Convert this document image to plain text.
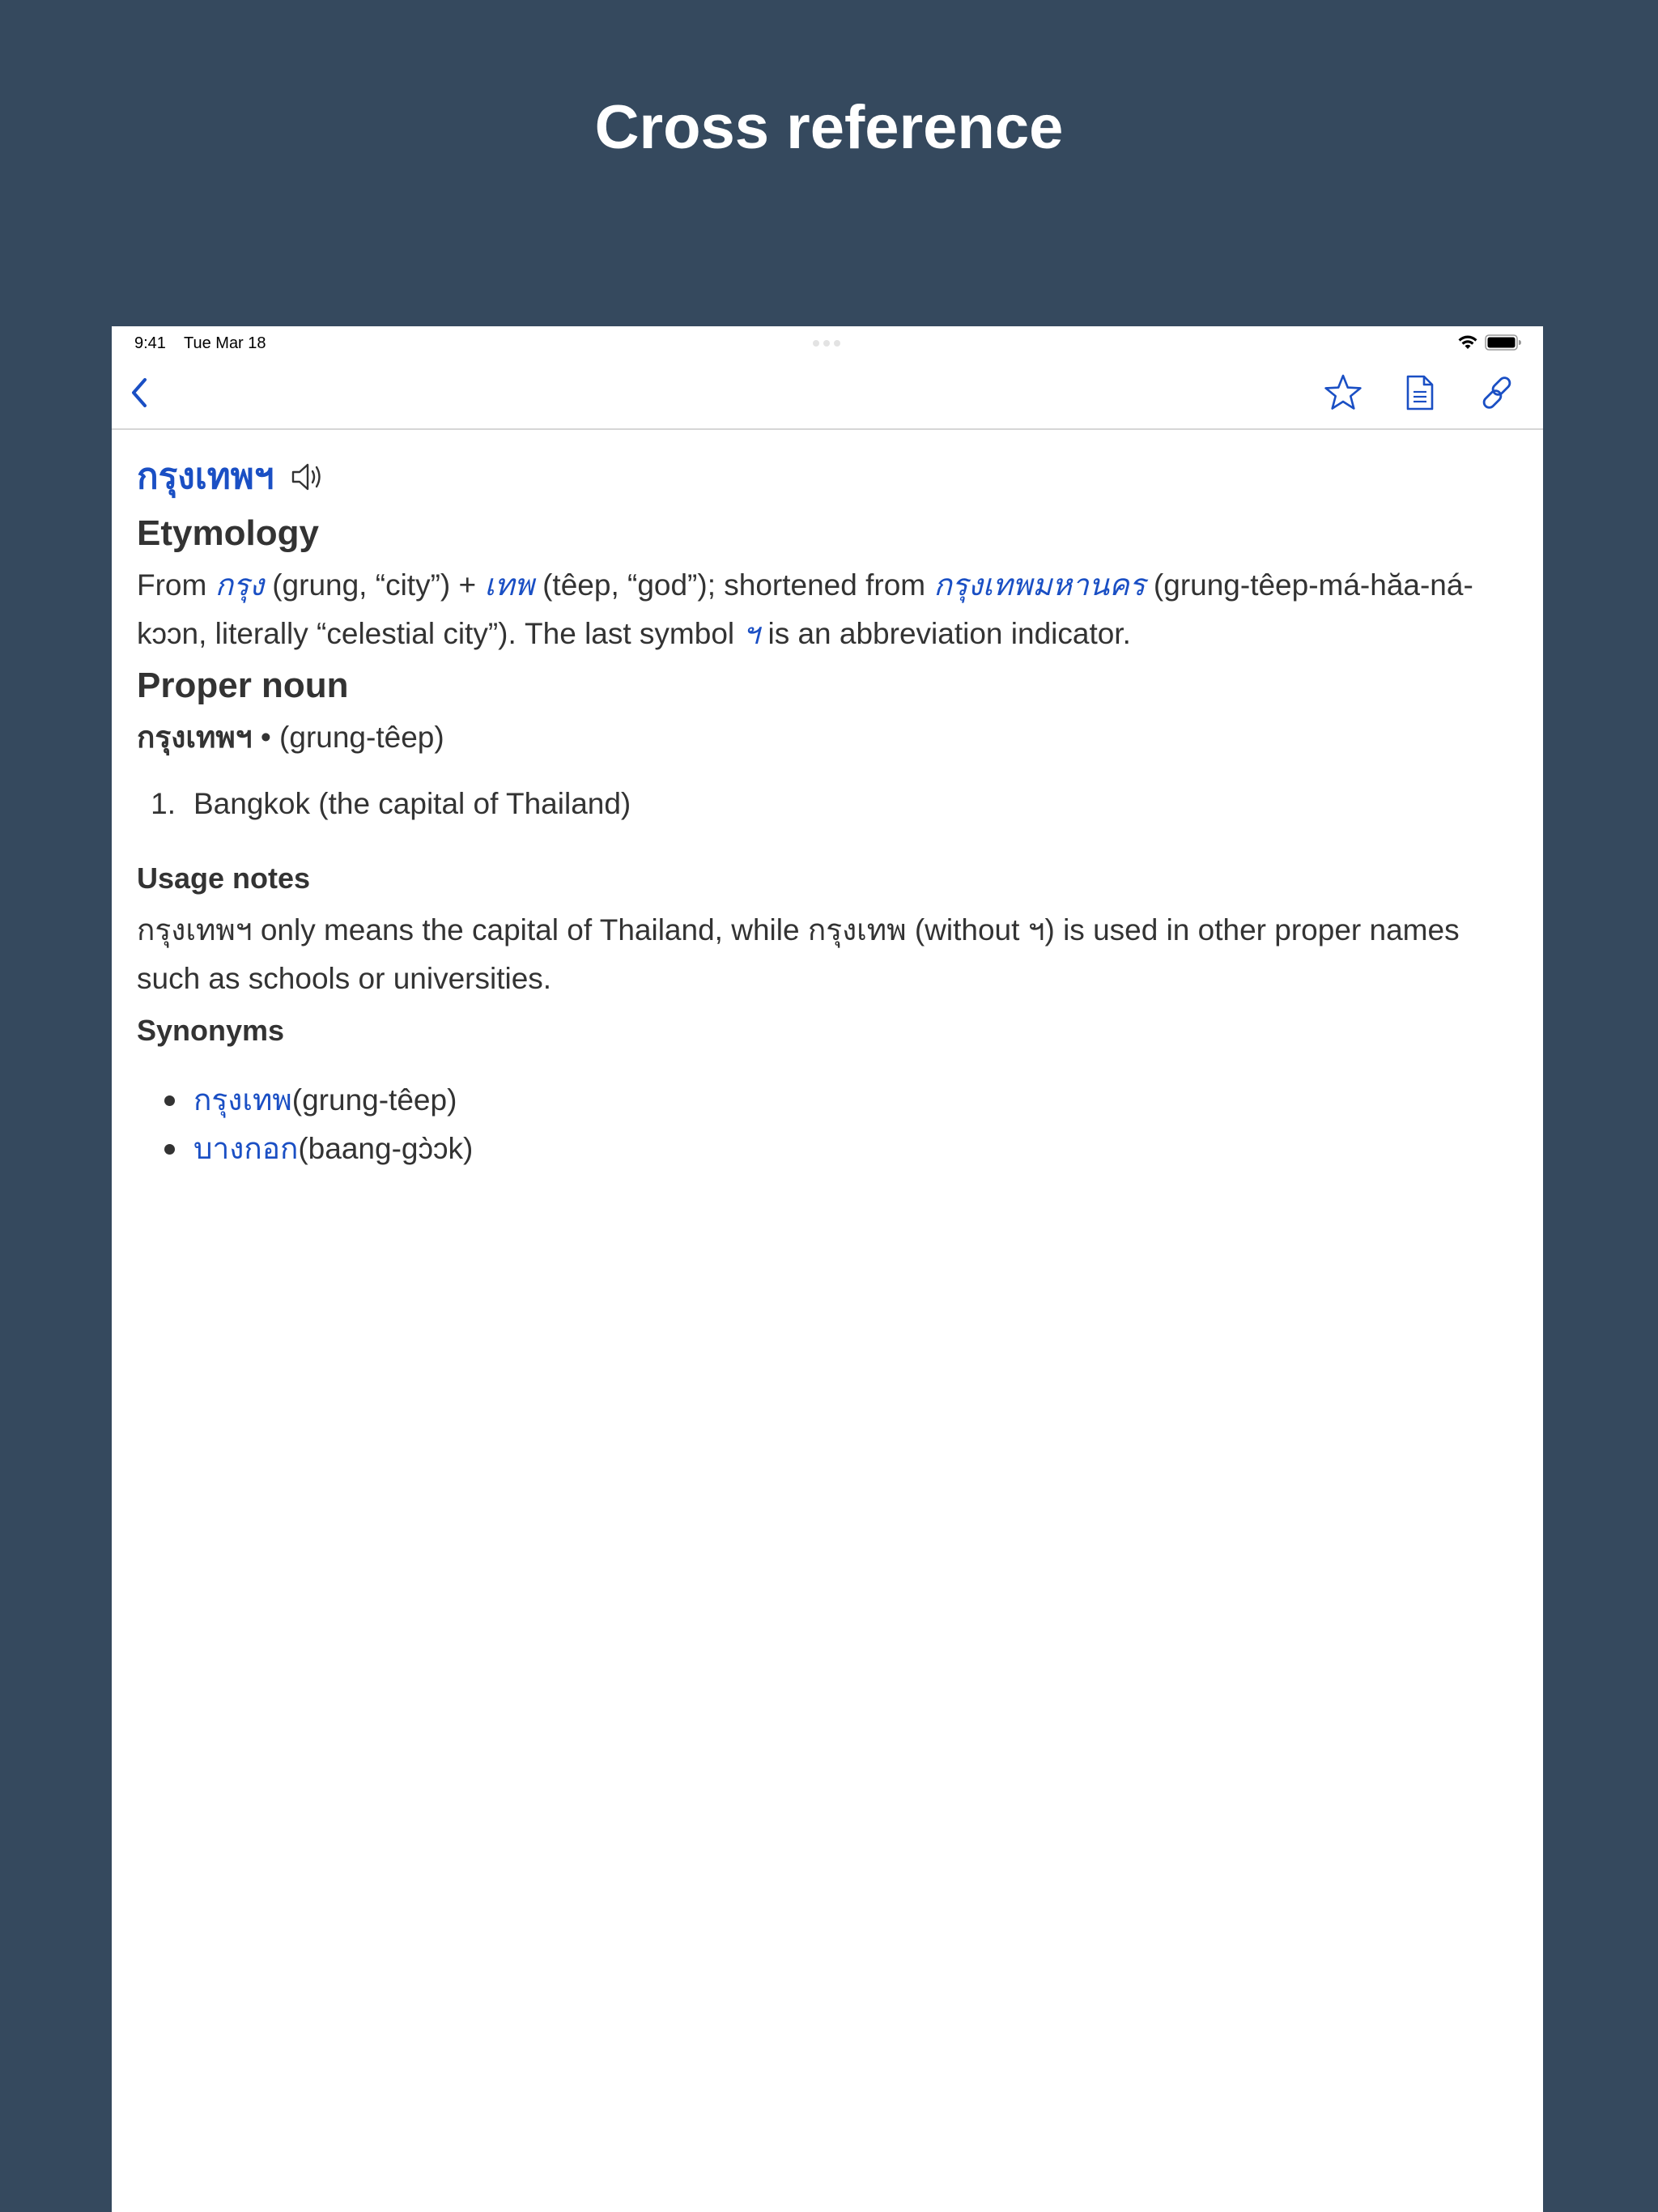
Cross reference
9:41 Tue Mar 18
กรุงเทพฯ
Etymology

From กรุง (grung, “city”) + เทพ (têep, “god”); shortened from กรุงเทพมหานคร (grung-têep-má-hăa-ná-kɔɔn, literally “celestial city”). The last symbol ฯ is an abbreviation indicator.

Proper noun

กรุงเทพฯ • (grung-têep)

1. Bangkok (the capital of Thailand)
Usage notes

กรุงเทพฯ only means the capital of Thailand, while กรุงเทพ (without ฯ) is used in other proper names such as schools or universities.

Synonyms
กรุงเทพ (grung-têep)
บางกอก (baang-gɔ̀ɔk)
